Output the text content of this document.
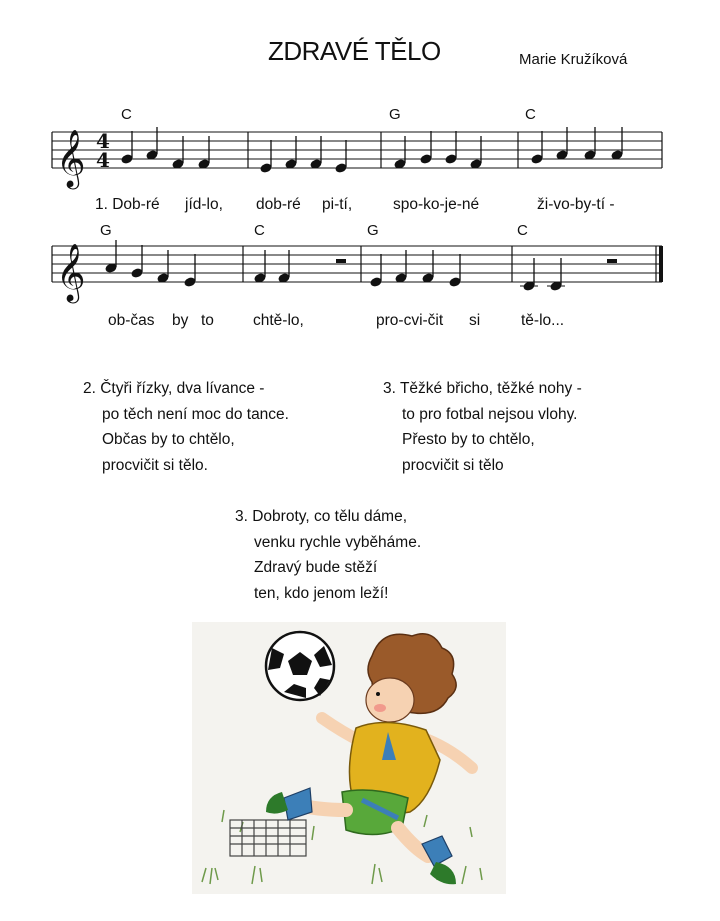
ZDRAVÉ TĚLO	Marie Kružíková
𝄞
𝄞
4
4
C	G	C
G	C	G	C
1. Dob-ré jíd-lo, dob-ré pi-tí,	spo-ko-je-né	ži-vo-by-tí -
ob-čas by to	chtě-lo,	pro-cvi-čit si	tě-lo...
2. Čtyři řízky, dva lívance -
po těch není moc do tance.
Občas by to chtělo,
procvičit si tělo.
3. Těžké břicho, těžké nohy -
to pro fotbal nejsou vlohy.
Přesto by to chtělo,
procvičit si tělo
3. Dobroty, co tělu dáme,
venku rychle vyběháme.
Zdravý bude stěží
ten, kdo jenom leží!
